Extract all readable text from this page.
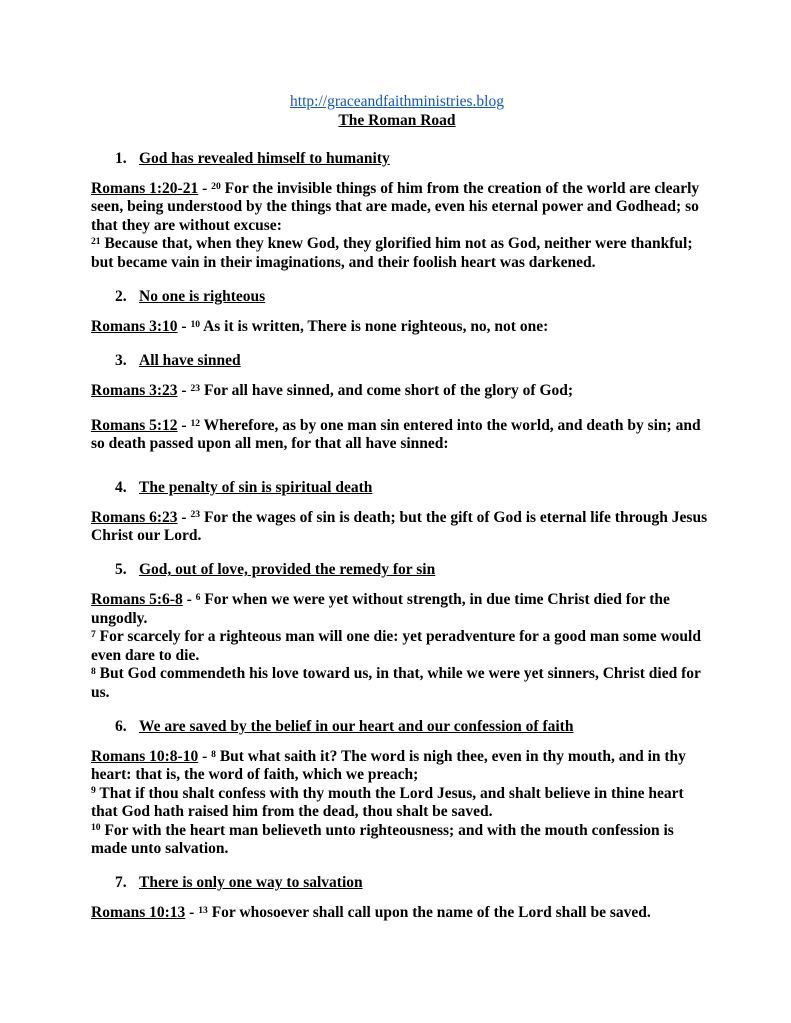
http://graceandfaithministries.blog
The Roman Road
1. God has revealed himself to humanity

Romans 1:20-21 - $^{20}$ For the invisible things of him from the creation of the world are clearly seen, being understood by the things that are made, even his eternal power and Godhead; so that they are without excuse:
$^{21}$ Because that, when they knew God, they glorified him not as God, neither were thankful; but became vain in their imaginations, and their foolish heart was darkened.

2. No one is righteous

Romans 3:10 - $^{10}$ As it is written, There is none righteous, no, not one:

3. All have sinned

Romans 3:23 - $^{23}$ For all have sinned, and come short of the glory of God;

Romans 5:12 - $^{12}$ Wherefore, as by one man sin entered into the world, and death by sin; and so death passed upon all men, for that all have sinned:

4. The penalty of sin is spiritual death

Romans 6:23 - $^{23}$ For the wages of sin is death; but the gift of God is eternal life through Jesus Christ our Lord.

5. God, out of love, provided the remedy for sin

Romans 5:6-8 - $^6$ For when we were yet without strength, in due time Christ died for the ungodly.
$^7$ For scarcely for a righteous man will one die: yet peradventure for a good man some would even dare to die.
$^8$ But God commendeth his love toward us, in that, while we were yet sinners, Christ died for us.

6. We are saved by the belief in our heart and our confession of faith

Romans 10:8-10 - $^8$ But what saith it? The word is nigh thee, even in thy mouth, and in thy heart: that is, the word of faith, which we preach;
$^9$ That if thou shalt confess with thy mouth the Lord Jesus, and shalt believe in thine heart that God hath raised him from the dead, thou shalt be saved.
$^{10}$ For with the heart man believeth unto righteousness; and with the mouth confession is made unto salvation.

7. There is only one way to salvation

Romans 10:13 - $^{13}$ For whosoever shall call upon the name of the Lord shall be saved.
